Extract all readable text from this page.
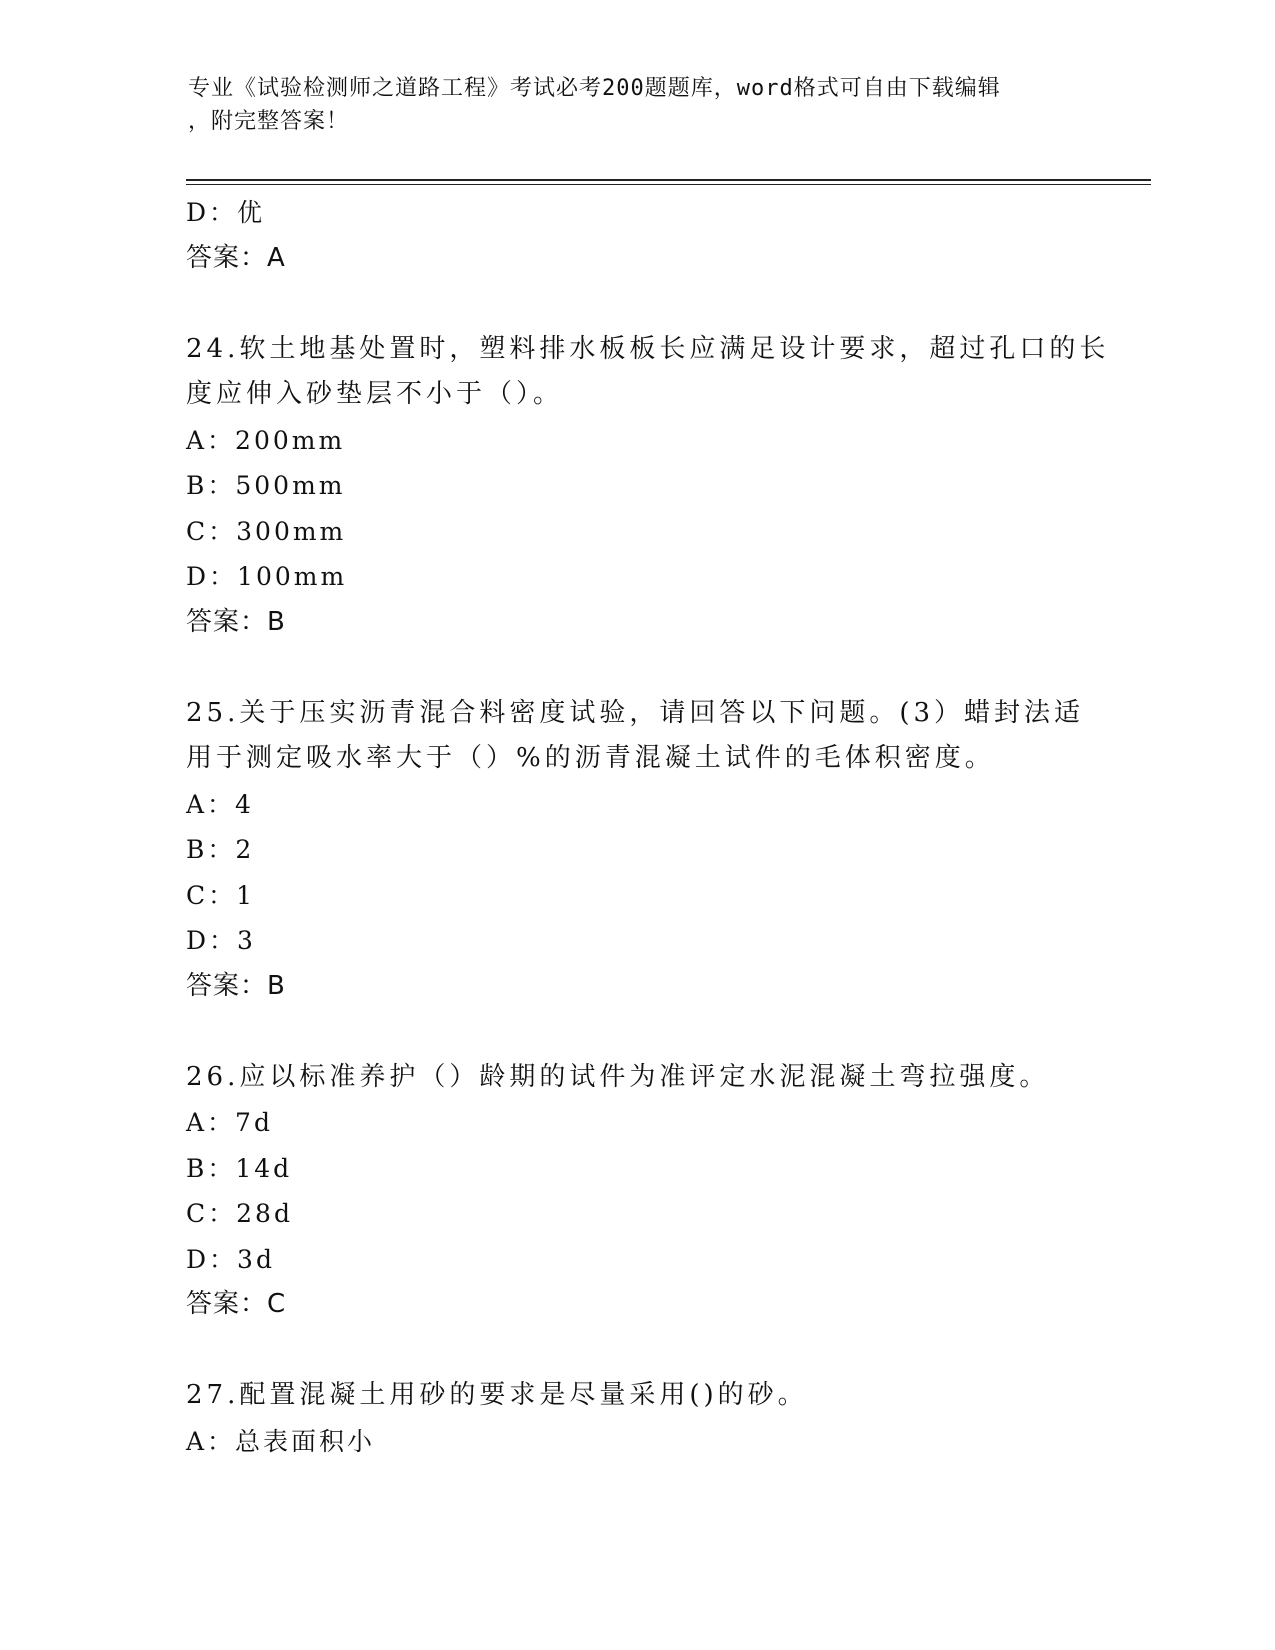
专业《试验检测师之道路工程》考试必考200题题库，word格式可自由下载编辑
，附完整答案！
D：优
答案：A
24.软土地基处置时，塑料排水板板长应满足设计要求，超过孔口的长
度应伸入砂垫层不小于（）。
A：200mm
B：500mm
C：300mm
D：100mm
答案：B
25.关于压实沥青混合料密度试验，请回答以下问题。(3）蜡封法适
用于测定吸水率大于（）%的沥青混凝土试件的毛体积密度。
A：4
B：2
C：1
D：3
答案：B
26.应以标准养护（）龄期的试件为准评定水泥混凝土弯拉强度。
A：7d
B：14d
C：28d
D：3d
答案：C
27.配置混凝土用砂的要求是尽量采用()的砂。
A：总表面积小
